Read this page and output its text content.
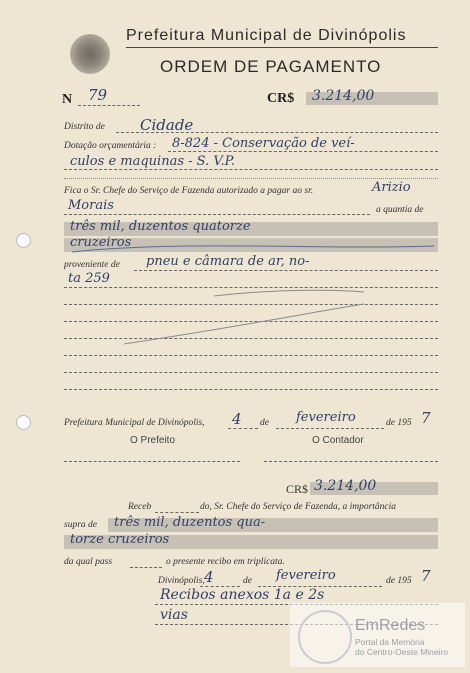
Prefeitura Municipal de Divinópolis
ORDEM DE PAGAMENTO
N 79	CR$ 3.214,00
Distrito de Cidade
Dotação orçamentária : 8-824 - Conservação de veí-
culos e maquinas - S. V.P.
Fica o Sr. Chefe do Serviço de Fazenda autorizado a pagar ao sr.	Arizio
Morais	a quantia de
três mil, duzentos quatorze
cruzeiros
proveniente de pneu e câmara de ar, no-
ta 259
Prefeitura Municipal de Divinópolis, 4 de fevereiro	de 195 7
O Prefeito	O Contador
CR$ 3.214,00
Receb	do, Sr. Chefe do Serviço de Fazenda, a importância
supra de três mil, duzentos qua-
torze cruzeiros
da qual pass	o presente recibo em triplicata.
Divinópolis, 4	de fevereiro	de 195 7
Recibos anexos 1a e 2s
vias
EmRedes
Portal da Memória
do Centro-Oeste Mineiro
